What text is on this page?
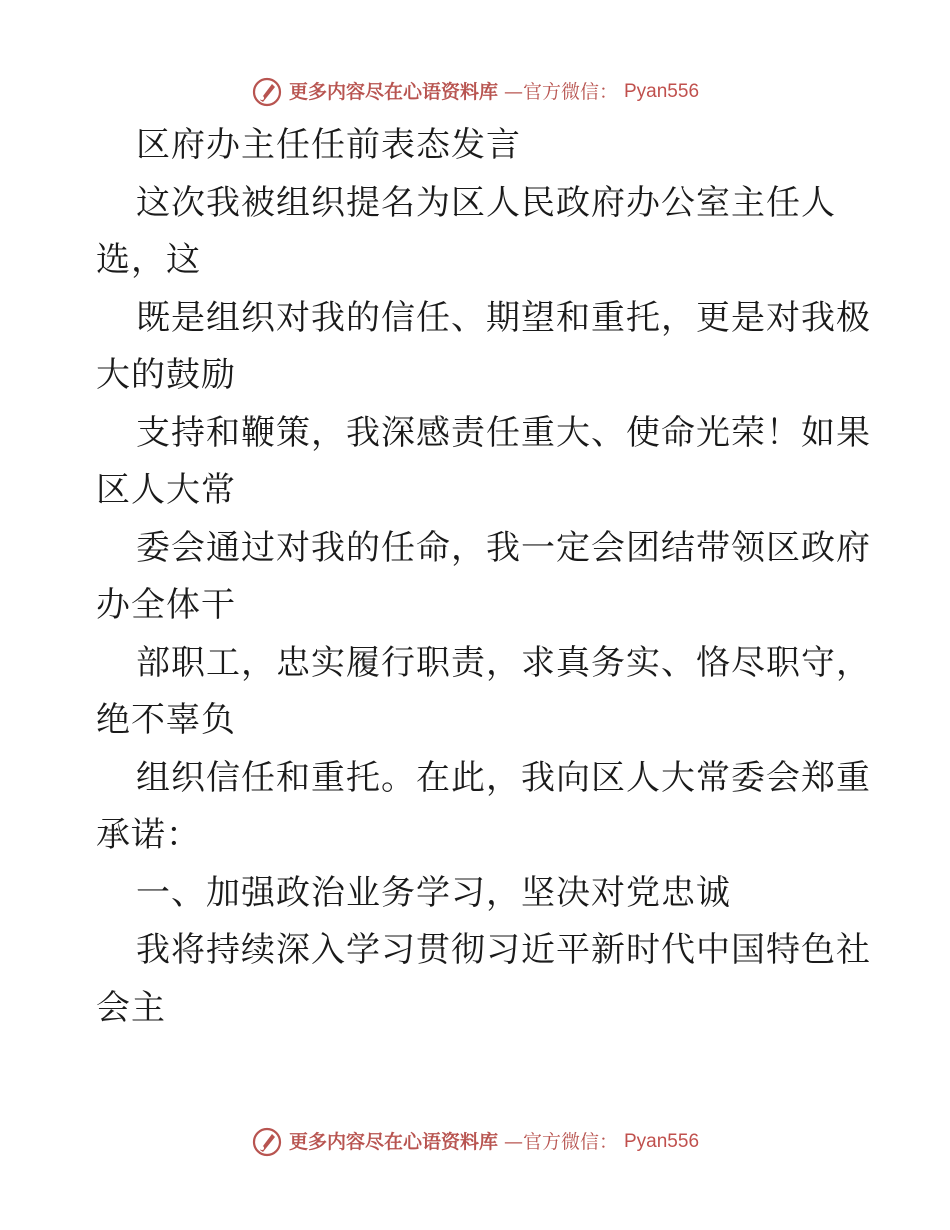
更多内容尽在心语资料库 —官方微信： Pyan556
区府办主任任前表态发言
这次我被组织提名为区人民政府办公室主任人
选，这
既是组织对我的信任、期望和重托，更是对我极
大的鼓励
支持和鞭策，我深感责任重大、使命光荣！如果
区人大常
委会通过对我的任命，我一定会团结带领区政府
办全体干
部职工，忠实履行职责，求真务实、恪尽职守，
绝不辜负
组织信任和重托。在此，我向区人大常委会郑重
承诺：
一、加强政治业务学习，坚决对党忠诚
我将持续深入学习贯彻习近平新时代中国特色社
会主
更多内容尽在心语资料库 —官方微信： Pyan556
